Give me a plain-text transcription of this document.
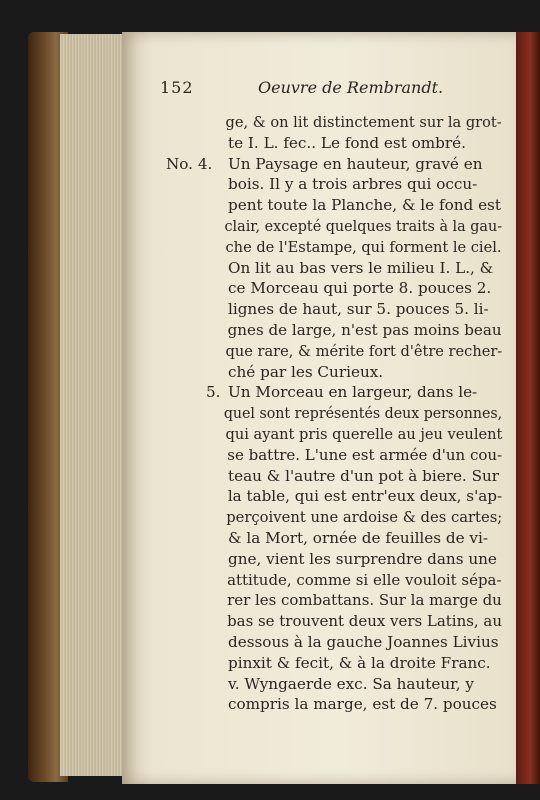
152	Oeuvre de Rembrandt.
ge, & on lit distinctement sur la grot-
te I. L. fec.. Le fond est ombré.
No. 4. Un Paysage en hauteur, gravé en
bois. Il y a trois arbres qui occu-
pent toute la Planche, & le fond est
clair, excepté quelques traits à la gau-
che de l'Estampe, qui forment le ciel.
On lit au bas vers le milieu I. L., &
ce Morceau qui porte 8. pouces 2.
lignes de haut, sur 5. pouces 5. li-
gnes de large, n'est pas moins beau
que rare, & mérite fort d'être recher-
ché par les Curieux.
5. Un Morceau en largeur, dans le-
quel sont représentés deux personnes,
qui ayant pris querelle au jeu veulent
se battre. L'une est armée d'un cou-
teau & l'autre d'un pot à biere. Sur
la table, qui est entr'eux deux, s'ap-
perçoivent une ardoise & des cartes;
& la Mort, ornée de feuilles de vi-
gne, vient les surprendre dans une
attitude, comme si elle vouloit sépa-
rer les combattans. Sur la marge du
bas se trouvent deux vers Latins, au
dessous à la gauche Joannes Livius
pinxit & fecit, & à la droite Franc.
v. Wyngaerde exc. Sa hauteur, y
compris la marge, est de 7. pouces
